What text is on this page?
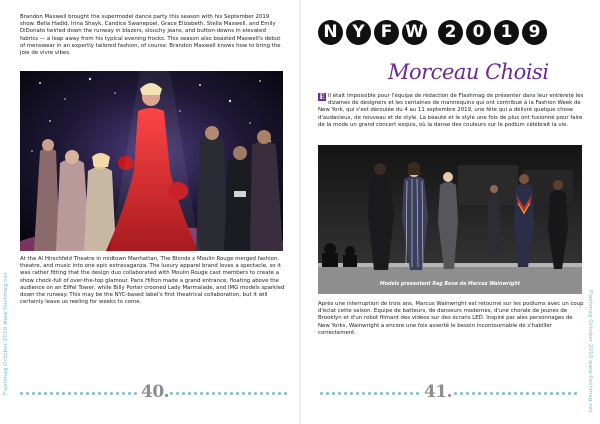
Flashmag October 2019 www.flashmag.net

Brandon Maxwell brought the supermodel dance party this season with his September 2019 show. Bella Hadid, Irina Shayk, Candice Swanepoel, Grace Elizabeth, Stella Maxwell, and Emily DiDonato twirled down the runway in blazers, slouchy jeans, and button-downs in elevated fabrics — a leap away from his typical evening frocks. This season also boasted Maxwell's debut of menswear in an expertly tailored fashion, of course. Brandon Maxwell knows how to bring the joie de vivre vibes.

At the Al Hirschfeld Theatre in midtown Manhattan, The Blonds x Moulin Rouge merged fashion, theatre, and music into one epic extravaganza. The luxury apparel brand loves a spectacle, so it was rather fitting that the design duo collaborated with Moulin Rouge cast members to create a show chock-full of over-the-top glamour. Paris Hilton made a grand entrance, floating above the audience on an Eiffel Tower, while Billy Porter crooned Lady Marmalade, and IMG models sparkled down the runway. This may be the NYC-based label's first theatrical collaboration, but it will certainly leave us reeling for weeks to come.

40.
N Y F W	2 0 1 9
Morceau Choisi

E Il était impossible pour l'équipe de rédaction de Flashmag de présenter dans leur entièreté les dizaines de designers et les centaines de mannequins qui ont contribué à la Fashion Week de New York, qui s'est déroulée du 4 au 11 septembre 2019, une fête qui a délivré quelque chose d'audacieux, de nouveau et de style. La beauté et le style une fois de plus ont fusionné pour faire de la mode un grand concert exquis, où la danse des couleurs sur le podium célébrait la vie.

Models presentant Rag Bone de Marcus Wainwright

Après une interruption de trois ans, Marcus Wainwright est retourné sur les podiums avec un coup d'éclat cette saison. Equipe de batteurs, de danseurs modernes, d'une chorale de jeunes de Brooklyn et d'un robot filmant des vidéos sur des écrans LED. Inspiré par ales personnages de New Yorks, Wainwright a encore une fois asserté le besoin incontournable de s'habiller correctement.

41.	Flashmag October 2019 www.flashmag.net
